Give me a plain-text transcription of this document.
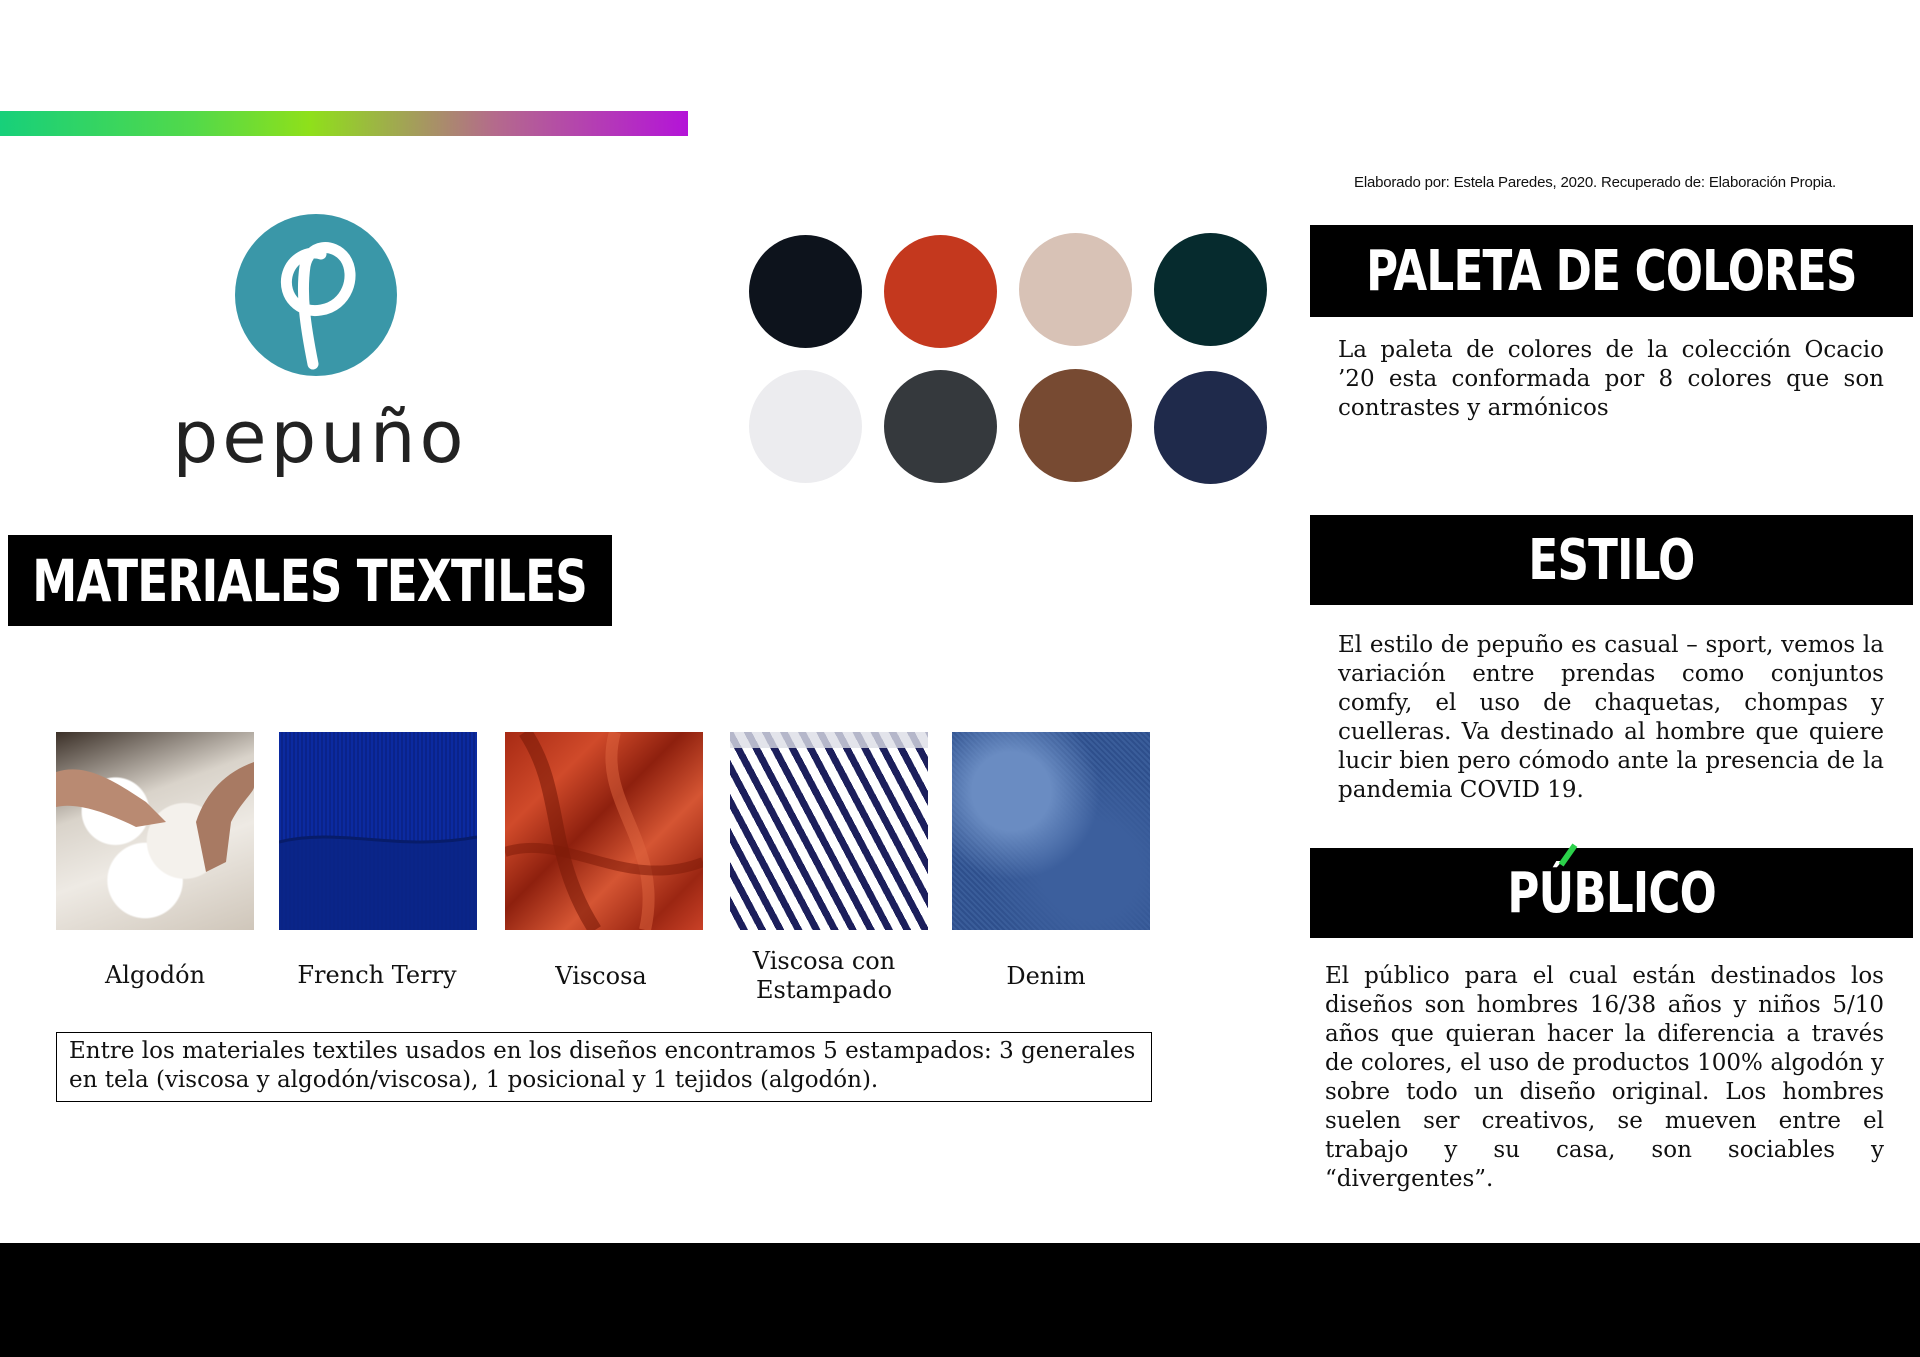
Elaborado por: Estela Paredes, 2020. Recuperado de: Elaboración Propia.
pepuño
PALETA DE COLORES
La paleta de colores de la colección Ocacio ’20 esta conformada por 8 colores que son contrastes y armónicos
ESTILO
El estilo de pepuño es casual – sport, vemos la variación entre prendas como conjuntos comfy, el uso de chaquetas, chompas y cuelleras. Va destinado al hombre que quiere lucir bien pero cómodo ante la presencia de la pandemia COVID 19.
PÚBLICO
El público para el cual están destinados los diseños son hombres 16/38 años y niños 5/10 años que quieran hacer la diferencia a través de colores, el uso de productos 100% algodón y sobre todo un diseño original. Los hombres suelen ser creativos, se mueven entre el trabajo y su casa, son sociables y “divergentes”.
MATERIALES TEXTILES
Algodón	French Terry	Viscosa
Viscosa con Estampado	Denim
Entre los materiales textiles usados en los diseños encontramos 5 estampados: 3 generales en tela (viscosa y algodón/viscosa), 1 posicional y 1 tejidos (algodón).
